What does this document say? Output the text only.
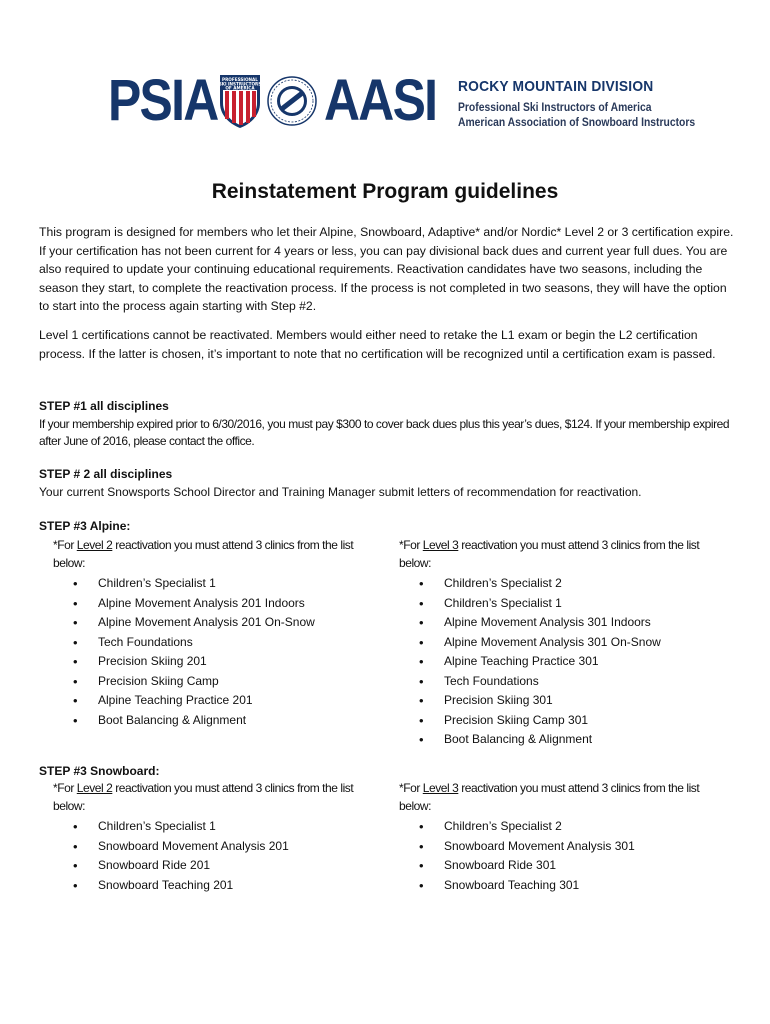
PSIA PROFESSIONAL
SKI INSTRUCTORS
OF AMERICA AASI ROCKY MOUNTAIN DIVISION
Professional Ski Instructors of America
American Association of Snowboard Instructors
Reinstatement Program guidelines
This program is designed for members who let their Alpine, Snowboard, Adaptive* and/or Nordic* Level 2 or 3 certification expire. If your certification has not been current for 4 years or less, you can pay divisional back dues and current year full dues. You are also required to update your continuing educational requirements. Reactivation candidates have two seasons, including the season they start, to complete the reactivation process. If the process is not completed in two seasons, they will have the option to start into the process again starting with Step #2.
Level 1 certifications cannot be reactivated. Members would either need to retake the L1 exam or begin the L2 certification process. If the latter is chosen, it’s important to note that no certification will be recognized until a certification exam is passed.
STEP #1 all disciplines
If your membership expired prior to 6/30/2016, you must pay $300 to cover back dues plus this year’s dues, $124. If your membership expired after June of 2016, please contact the office.
STEP # 2 all disciplines
Your current Snowsports School Director and Training Manager submit letters of recommendation for reactivation.
STEP #3 Alpine:
*For Level 2 reactivation you must attend 3 clinics from the list below:
• Children’s Specialist 1
• Alpine Movement Analysis 201 Indoors
• Alpine Movement Analysis 201 On-Snow
• Tech Foundations
• Precision Skiing 201
• Precision Skiing Camp
• Alpine Teaching Practice 201
• Boot Balancing & Alignment
*For Level 3 reactivation you must attend 3 clinics from the list below:
• Children’s Specialist 2
• Children’s Specialist 1
• Alpine Movement Analysis 301 Indoors
• Alpine Movement Analysis 301 On-Snow
• Alpine Teaching Practice 301
• Tech Foundations
• Precision Skiing 301
• Precision Skiing Camp 301
• Boot Balancing & Alignment
STEP #3 Snowboard:
*For Level 2 reactivation you must attend 3 clinics from the list below:
• Children’s Specialist 1
• Snowboard Movement Analysis 201
• Snowboard Ride 201
• Snowboard Teaching 201
*For Level 3 reactivation you must attend 3 clinics from the list below:
• Children’s Specialist 2
• Snowboard Movement Analysis 301
• Snowboard Ride 301
• Snowboard Teaching 301
